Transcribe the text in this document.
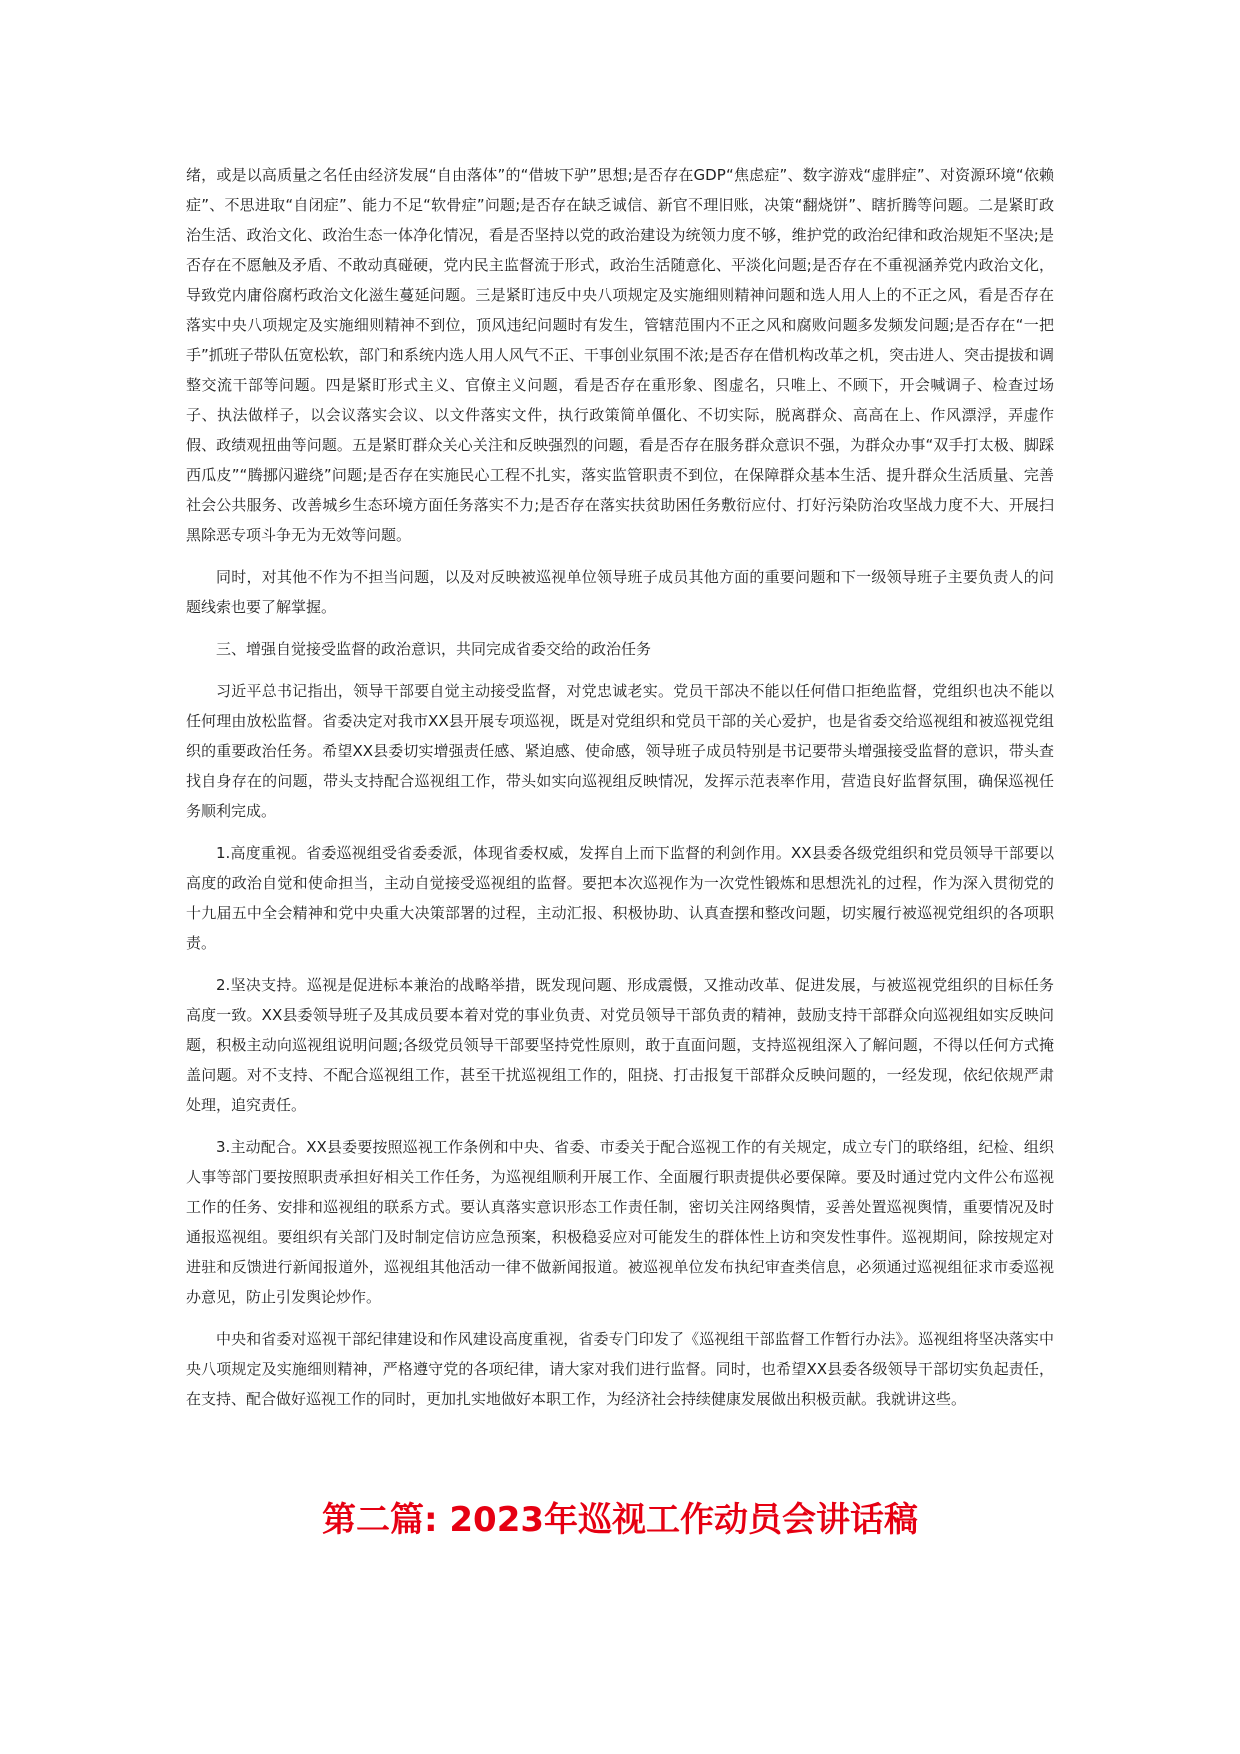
绪，或是以高质量之名任由经济发展“自由落体”的“借坡下驴”思想;是否存在GDP“焦虑症”、数字游戏“虚胖症”、对资源环境“依赖症”、不思进取“自闭症”、能力不足“软骨症”问题;是否存在缺乏诚信、新官不理旧账，决策“翻烧饼”、瞎折腾等问题。二是紧盯政治生活、政治文化、政治生态一体净化情况，看是否坚持以党的政治建设为统领力度不够，维护党的政治纪律和政治规矩不坚决;是否存在不愿触及矛盾、不敢动真碰硬，党内民主监督流于形式，政治生活随意化、平淡化问题;是否存在不重视涵养党内政治文化，导致党内庸俗腐朽政治文化滋生蔓延问题。三是紧盯违反中央八项规定及实施细则精神问题和选人用人上的不正之风，看是否存在落实中央八项规定及实施细则精神不到位，顶风违纪问题时有发生，管辖范围内不正之风和腐败问题多发频发问题;是否存在“一把手”抓班子带队伍宽松软，部门和系统内选人用人风气不正、干事创业氛围不浓;是否存在借机构改革之机，突击进人、突击提拔和调整交流干部等问题。四是紧盯形式主义、官僚主义问题，看是否存在重形象、图虚名，只唯上、不顾下，开会喊调子、检查过场子、执法做样子，以会议落实会议、以文件落实文件，执行政策简单僵化、不切实际，脱离群众、高高在上、作风漂浮，弄虚作假、政绩观扭曲等问题。五是紧盯群众关心关注和反映强烈的问题，看是否存在服务群众意识不强，为群众办事“双手打太极、脚踩西瓜皮”“腾挪闪避绕”问题;是否存在实施民心工程不扎实，落实监管职责不到位，在保障群众基本生活、提升群众生活质量、完善社会公共服务、改善城乡生态环境方面任务落实不力;是否存在落实扶贫助困任务敷衍应付、打好污染防治攻坚战力度不大、开展扫黑除恶专项斗争无为无效等问题。

同时，对其他不作为不担当问题，以及对反映被巡视单位领导班子成员其他方面的重要问题和下一级领导班子主要负责人的问题线索也要了解掌握。

三、增强自觉接受监督的政治意识，共同完成省委交给的政治任务

习近平总书记指出，领导干部要自觉主动接受监督，对党忠诚老实。党员干部决不能以任何借口拒绝监督，党组织也决不能以任何理由放松监督。省委决定对我市XX县开展专项巡视，既是对党组织和党员干部的关心爱护，也是省委交给巡视组和被巡视党组织的重要政治任务。希望XX县委切实增强责任感、紧迫感、使命感，领导班子成员特别是书记要带头增强接受监督的意识，带头查找自身存在的问题，带头支持配合巡视组工作，带头如实向巡视组反映情况，发挥示范表率作用，营造良好监督氛围，确保巡视任务顺利完成。

1.高度重视。省委巡视组受省委委派，体现省委权威，发挥自上而下监督的利剑作用。XX县委各级党组织和党员领导干部要以高度的政治自觉和使命担当，主动自觉接受巡视组的监督。要把本次巡视作为一次党性锻炼和思想洗礼的过程，作为深入贯彻党的十九届五中全会精神和党中央重大决策部署的过程，主动汇报、积极协助、认真查摆和整改问题，切实履行被巡视党组织的各项职责。

2.坚决支持。巡视是促进标本兼治的战略举措，既发现问题、形成震慑，又推动改革、促进发展，与被巡视党组织的目标任务高度一致。XX县委领导班子及其成员要本着对党的事业负责、对党员领导干部负责的精神，鼓励支持干部群众向巡视组如实反映问题，积极主动向巡视组说明问题;各级党员领导干部要坚持党性原则，敢于直面问题，支持巡视组深入了解问题，不得以任何方式掩盖问题。对不支持、不配合巡视组工作，甚至干扰巡视组工作的，阻挠、打击报复干部群众反映问题的，一经发现，依纪依规严肃处理，追究责任。

3.主动配合。XX县委要按照巡视工作条例和中央、省委、市委关于配合巡视工作的有关规定，成立专门的联络组，纪检、组织人事等部门要按照职责承担好相关工作任务，为巡视组顺利开展工作、全面履行职责提供必要保障。要及时通过党内文件公布巡视工作的任务、安排和巡视组的联系方式。要认真落实意识形态工作责任制，密切关注网络舆情，妥善处置巡视舆情，重要情况及时通报巡视组。要组织有关部门及时制定信访应急预案，积极稳妥应对可能发生的群体性上访和突发性事件。巡视期间，除按规定对进驻和反馈进行新闻报道外，巡视组其他活动一律不做新闻报道。被巡视单位发布执纪审查类信息，必须通过巡视组征求市委巡视办意见，防止引发舆论炒作。

中央和省委对巡视干部纪律建设和作风建设高度重视，省委专门印发了《巡视组干部监督工作暂行办法》。巡视组将坚决落实中央八项规定及实施细则精神，严格遵守党的各项纪律，请大家对我们进行监督。同时，也希望XX县委各级领导干部切实负起责任，在支持、配合做好巡视工作的同时，更加扎实地做好本职工作，为经济社会持续健康发展做出积极贡献。我就讲这些。

第二篇: 2023年巡视工作动员会讲话稿
